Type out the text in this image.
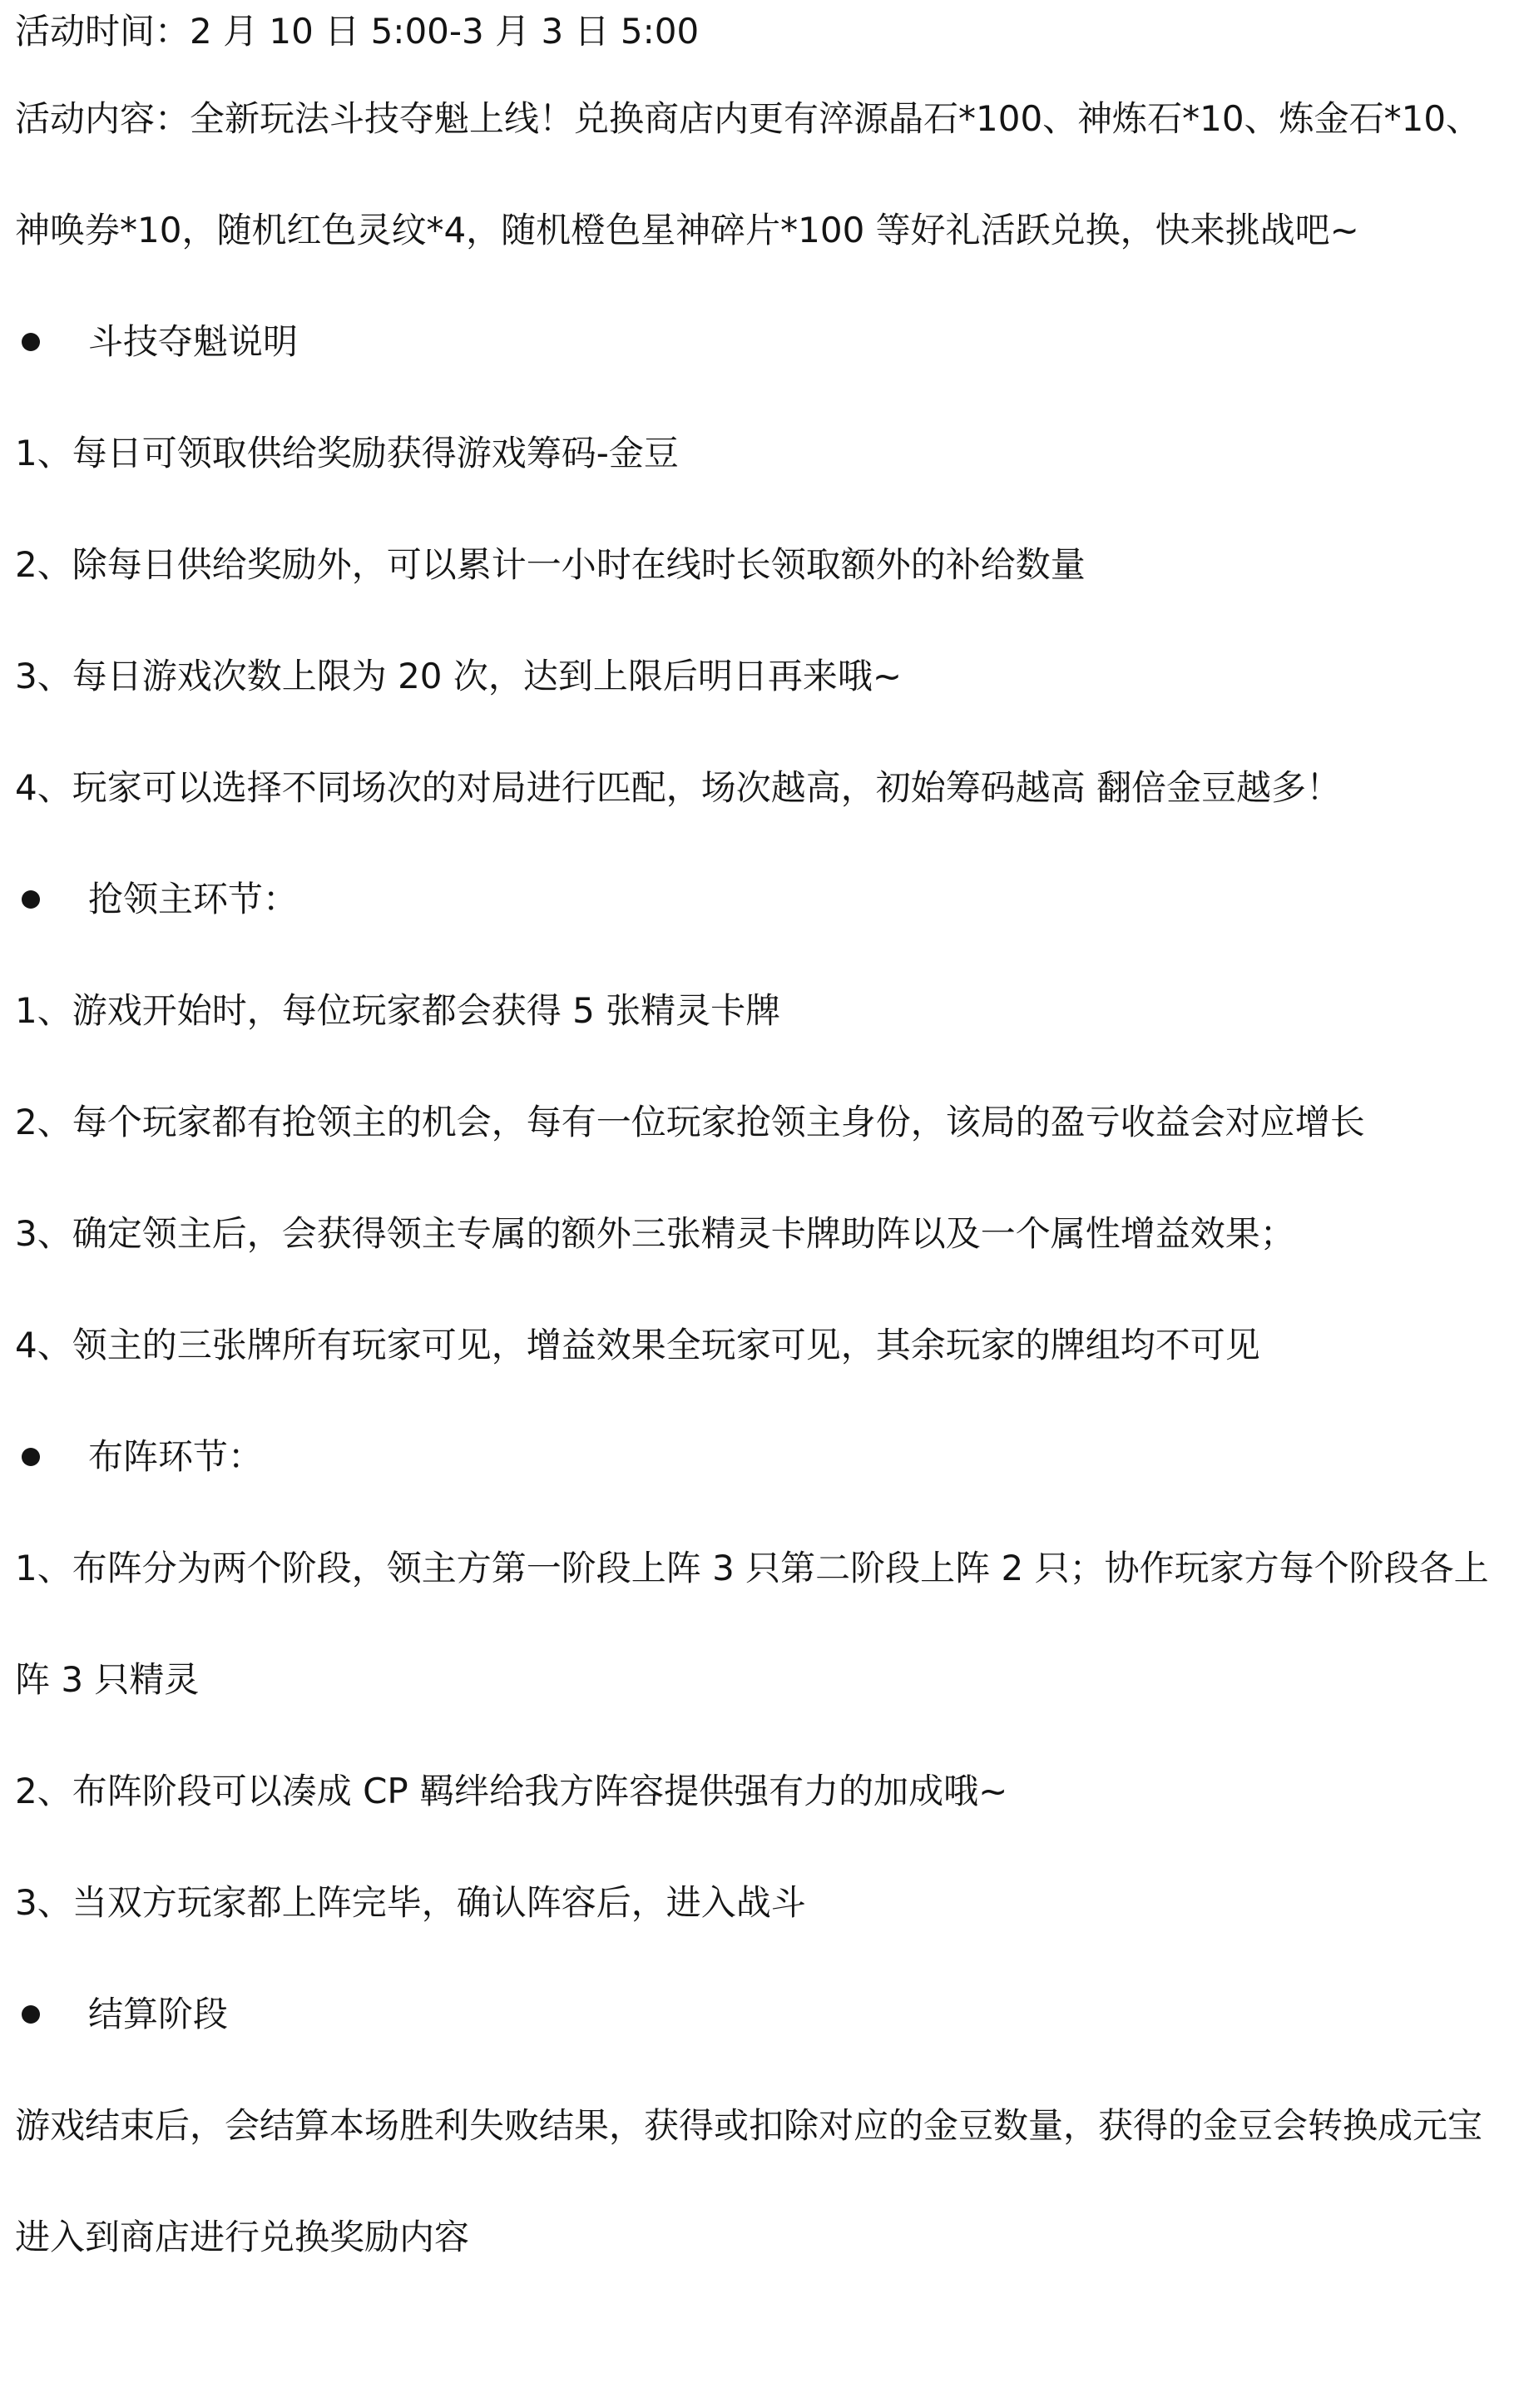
活动时间：2 月 10 日 5:00-3 月 3 日 5:00
活动内容：全新玩法斗技夺魁上线！兑换商店内更有淬源晶石*100、神炼石*10、炼金石*10、
神唤券*10，随机红色灵纹*4，随机橙色星神碎片*100 等好礼活跃兑换，快来挑战吧~
斗技夺魁说明
1、每日可领取供给奖励获得游戏筹码-金豆
2、除每日供给奖励外，可以累计一小时在线时长领取额外的补给数量
3、每日游戏次数上限为 20 次，达到上限后明日再来哦~
4、玩家可以选择不同场次的对局进行匹配，场次越高，初始筹码越高 翻倍金豆越多！
抢领主环节：
1、游戏开始时，每位玩家都会获得 5 张精灵卡牌
2、每个玩家都有抢领主的机会，每有一位玩家抢领主身份，该局的盈亏收益会对应增长
3、确定领主后，会获得领主专属的额外三张精灵卡牌助阵以及一个属性增益效果；
4、领主的三张牌所有玩家可见，增益效果全玩家可见，其余玩家的牌组均不可见
布阵环节：
1、布阵分为两个阶段，领主方第一阶段上阵 3 只第二阶段上阵 2 只；协作玩家方每个阶段各上
阵 3 只精灵
2、布阵阶段可以凑成 CP 羁绊给我方阵容提供强有力的加成哦~
3、当双方玩家都上阵完毕，确认阵容后，进入战斗
结算阶段
游戏结束后，会结算本场胜利失败结果，获得或扣除对应的金豆数量，获得的金豆会转换成元宝
进入到商店进行兑换奖励内容
